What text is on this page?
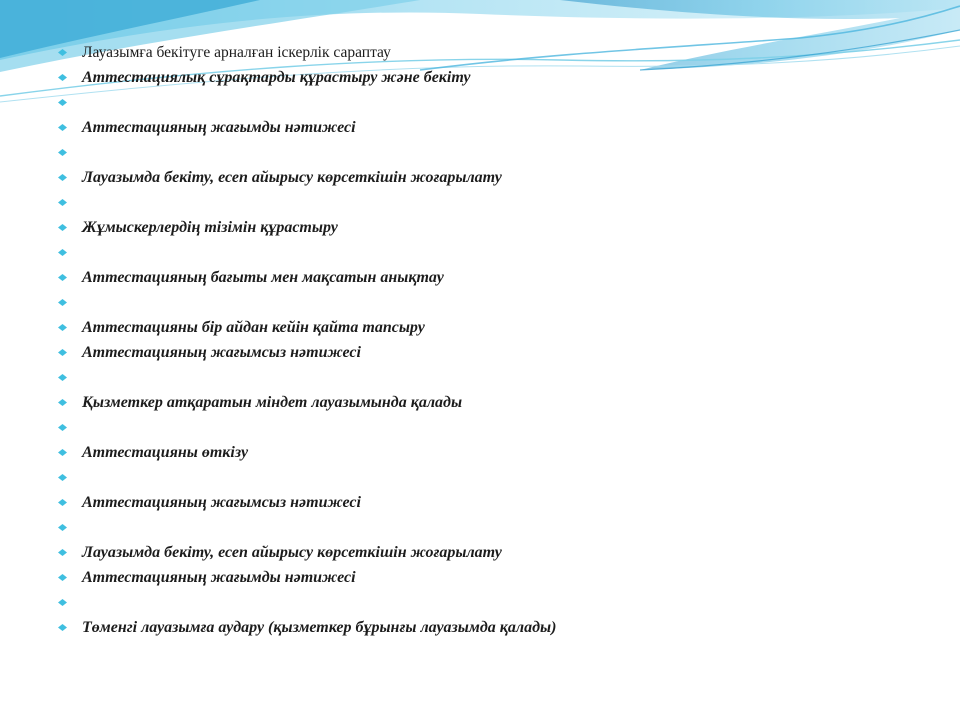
Лауазымға бекітуге арналған іскерлік сараптау
Аттестациялық сұрақтарды құрастыру және бекіту
Аттестацияның жағымды нәтижесі
Лауазымда бекіту, есеп айырысу көрсеткішін жоғарылату
Жұмыскерлердің тізімін құрастыру
Аттестацияның бағыты мен мақсатын анықтау
Аттестацияны бір айдан кейін қайта тапсыру
Аттестацияның жағымсыз нәтижесі
Қызметкер атқаратын міндет лауазымында қалады
Аттестацияны өткізу
Аттестацияның жағымсыз нәтижесі
Лауазымда бекіту, есеп айырысу көрсеткішін жоғарылату
Аттестацияның жағымды нәтижесі
Төменгі лауазымға аудару (қызметкер бұрынғы лауазымда қалады)
